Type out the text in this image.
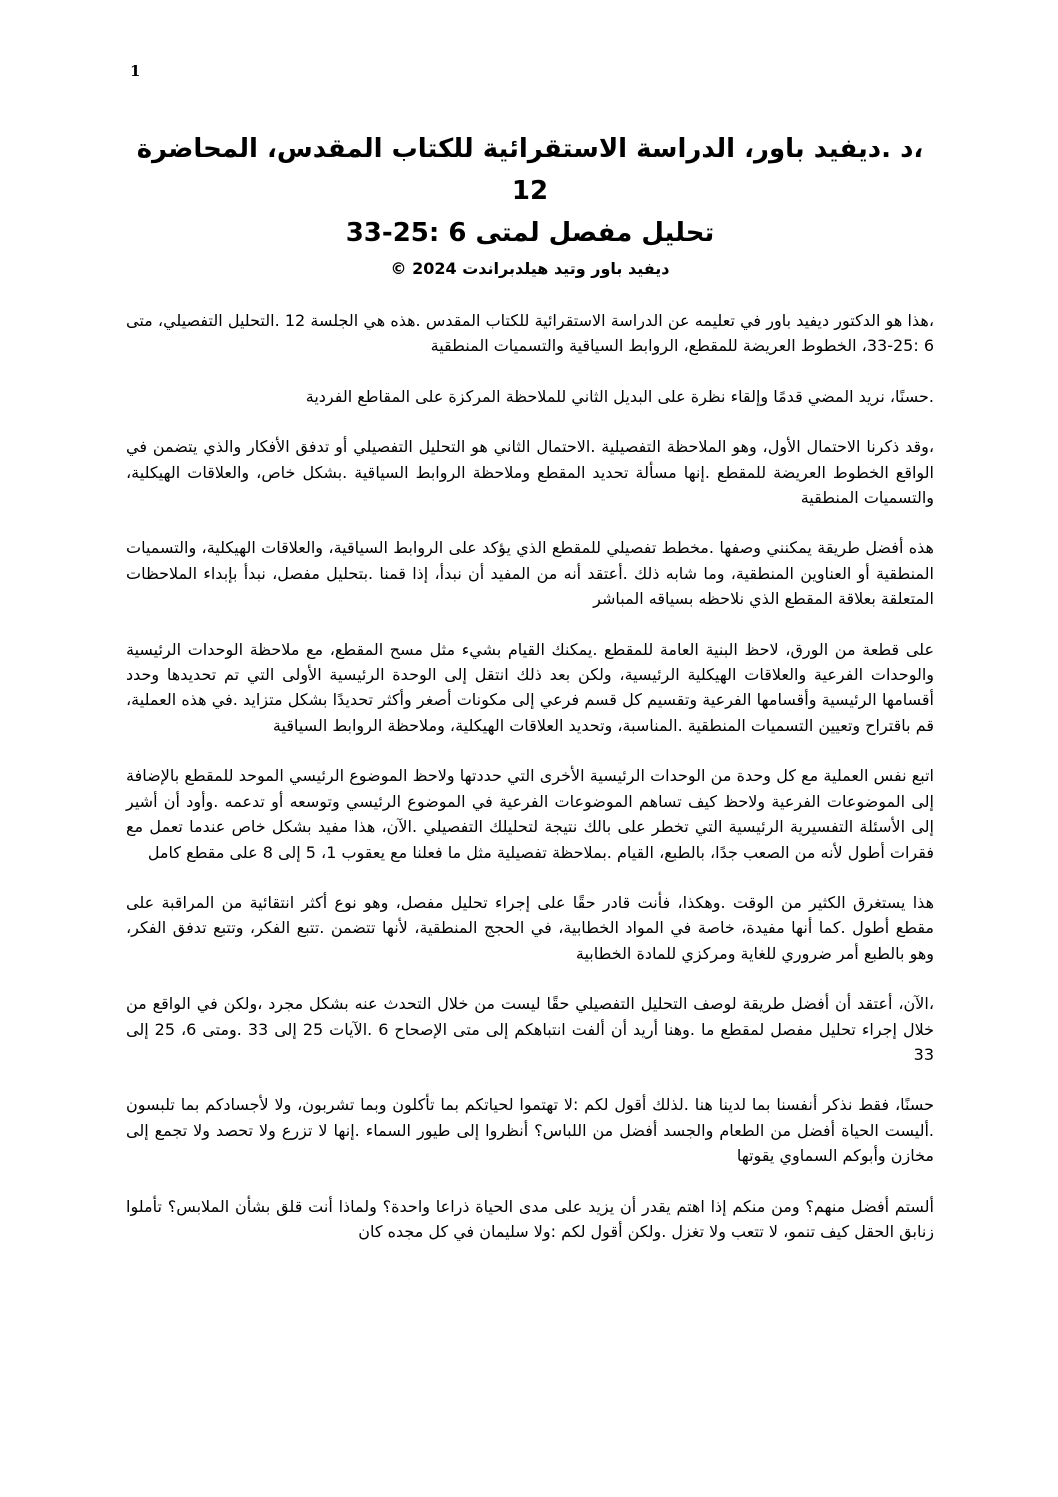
1
،د .ديفيد باور، الدراسة الاستقرائية للكتاب المقدس، المحاضرة 12
تحليل مفصل لمتى 6 :25-33

ديفيد باور وتيد هيلدبراندت 2024 ©

،هذا هو الدكتور ديفيد باور في تعليمه عن الدراسة الاستقرائية للكتاب المقدس .هذه هي الجلسة 12 .التحليل التفصيلي، متى 6 :25-33، الخطوط العريضة للمقطع، الروابط السياقية والتسميات المنطقية

.حسنًا، نريد المضي قدمًا وإلقاء نظرة على البديل الثاني للملاحظة المركزة على المقاطع الفردية

،وقد ذكرنا الاحتمال الأول، وهو الملاحظة التفصيلية .الاحتمال الثاني هو التحليل التفصيلي أو تدفق الأفكار والذي يتضمن في الواقع الخطوط العريضة للمقطع .إنها مسألة تحديد المقطع وملاحظة الروابط السياقية .بشكل خاص، والعلاقات الهيكلية، والتسميات المنطقية

هذه أفضل طريقة يمكنني وصفها .مخطط تفصيلي للمقطع الذي يؤكد على الروابط السياقية، والعلاقات الهيكلية، والتسميات المنطقية أو العناوين المنطقية، وما شابه ذلك .أعتقد أنه من المفيد أن نبدأ، إذا قمنا .بتحليل مفصل، نبدأ بإبداء الملاحظات المتعلقة بعلاقة المقطع الذي نلاحظه بسياقه المباشر

على قطعة من الورق، لاحظ البنية العامة للمقطع .يمكنك القيام بشيء مثل مسح المقطع، مع ملاحظة الوحدات الرئيسية والوحدات الفرعية والعلاقات الهيكلية الرئيسية، ولكن بعد ذلك انتقل إلى الوحدة الرئيسية الأولى التي تم تحديدها وحدد أقسامها الرئيسية وأقسامها الفرعية وتقسيم كل قسم فرعي إلى مكونات أصغر وأكثر تحديدًا بشكل متزايد .في هذه العملية، قم باقتراح وتعيين التسميات المنطقية .المناسبة، وتحديد العلاقات الهيكلية، وملاحظة الروابط السياقية

اتبع نفس العملية مع كل وحدة من الوحدات الرئيسية الأخرى التي حددتها ولاحظ الموضوع الرئيسي الموحد للمقطع بالإضافة إلى الموضوعات الفرعية ولاحظ كيف تساهم الموضوعات الفرعية في الموضوع الرئيسي وتوسعه أو تدعمه .وأود أن أشير إلى الأسئلة التفسيرية الرئيسية التي تخطر على بالك نتيجة لتحليلك التفصيلي .الآن، هذا مفيد بشكل خاص عندما تعمل مع فقرات أطول لأنه من الصعب جدًا، بالطبع، القيام .بملاحظة تفصيلية مثل ما فعلنا مع يعقوب 1، 5 إلى 8 على مقطع كامل

هذا يستغرق الكثير من الوقت .وهكذا، فأنت قادر حقًا على إجراء تحليل مفصل، وهو نوع أكثر انتقائية من المراقبة على مقطع أطول .كما أنها مفيدة، خاصة في المواد الخطابية، في الحجج المنطقية، لأنها تتضمن .تتبع الفكر، وتتبع تدفق الفكر، وهو بالطبع أمر ضروري للغاية ومركزي للمادة الخطابية

،الآن، أعتقد أن أفضل طريقة لوصف التحليل التفصيلي حقًا ليست من خلال التحدث عنه بشكل مجرد ،ولكن في الواقع من خلال إجراء تحليل مفصل لمقطع ما .وهنا أريد أن ألفت انتباهكم إلى متى الإصحاح 6 .الآيات 25 إلى 33 .ومتى 6، 25 إلى 33

حسنًا، فقط نذكر أنفسنا بما لدينا هنا .لذلك أقول لكم :لا تهتموا لحياتكم بما تأكلون وبما تشربون، ولا لأجسادكم بما تلبسون .أليست الحياة أفضل من الطعام والجسد أفضل من اللباس؟ أنظروا إلى طيور السماء .إنها لا تزرع ولا تحصد ولا تجمع إلى مخازن وأبوكم السماوي يقوتها

ألستم أفضل منهم؟ ومن منكم إذا اهتم يقدر أن يزيد على مدى الحياة ذراعا واحدة؟ ولماذا أنت قلق بشأن الملابس؟ تأملوا زنابق الحقل كيف تنمو، لا تتعب ولا تغزل .ولكن أقول لكم :ولا سليمان في كل مجده كان
